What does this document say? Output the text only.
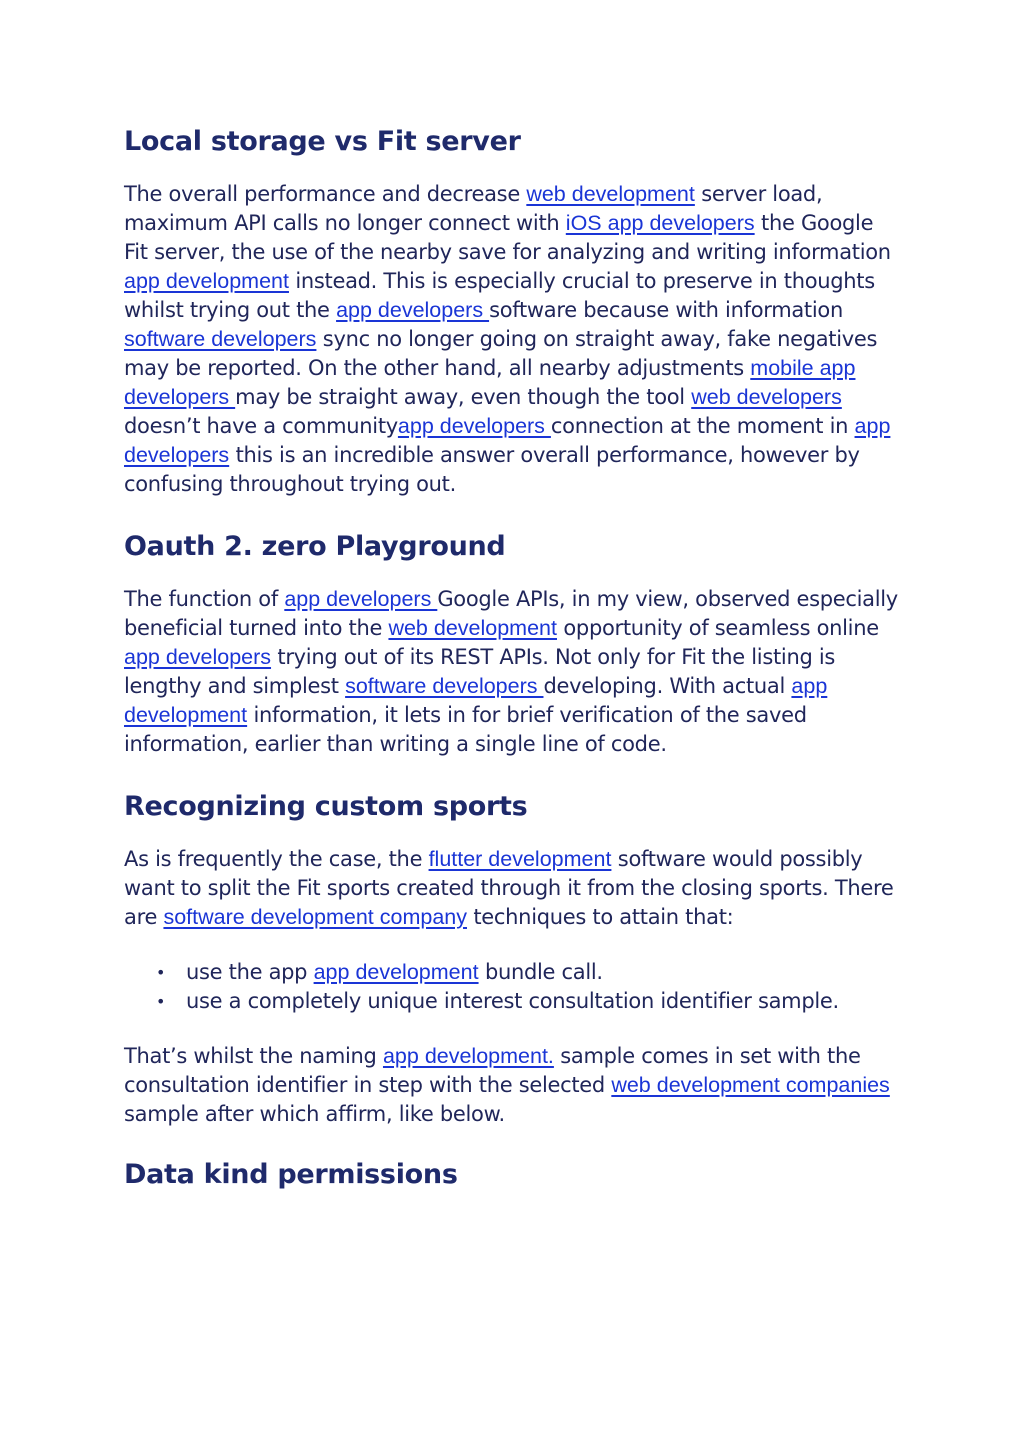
Local storage vs Fit server

The overall performance and decrease web development server load, maximum API calls no longer connect with iOS app developers the Google Fit server, the use of the nearby save for analyzing and writing information app development instead. This is especially crucial to preserve in thoughts whilst trying out the app developers software because with information software developers sync no longer going on straight away, fake negatives may be reported. On the other hand, all nearby adjustments mobile app developers may be straight away, even though the tool web developers doesn’t have a communityapp developers connection at the moment in app developers this is an incredible answer overall performance, however by confusing throughout trying out.

Oauth 2. zero Playground

The function of app developers Google APIs, in my view, observed especially beneficial turned into the web development opportunity of seamless online app developers trying out of its REST APIs. Not only for Fit the listing is lengthy and simplest software developers developing. With actual app development information, it lets in for brief verification of the saved information, earlier than writing a single line of code.

Recognizing custom sports

As is frequently the case, the flutter development software would possibly want to split the Fit sports created through it from the closing sports. There are software development company techniques to attain that:

• use the app app development bundle call.
• use a completely unique interest consultation identifier sample.

That’s whilst the naming app development. sample comes in set with the consultation identifier in step with the selected web development companies sample after which affirm, like below.

Data kind permissions
